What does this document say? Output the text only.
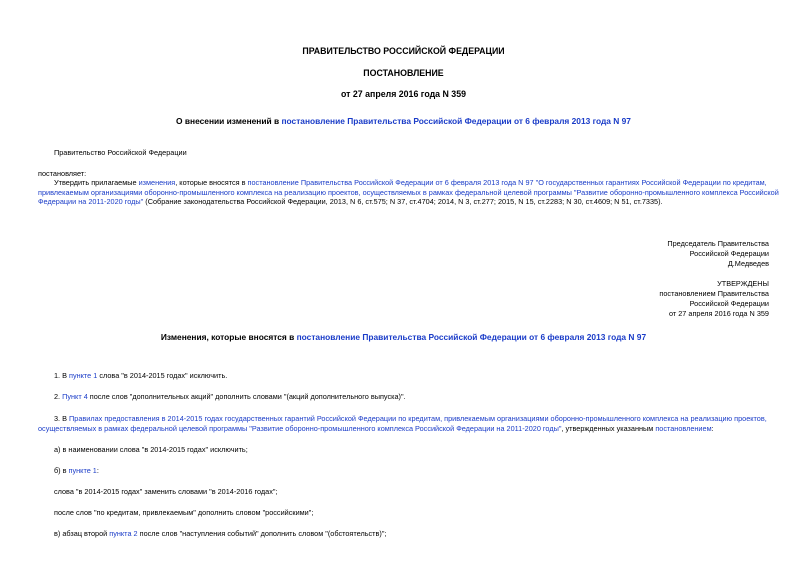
ПРАВИТЕЛЬСТВО РОССИЙСКОЙ ФЕДЕРАЦИИ
ПОСТАНОВЛЕНИЕ
от 27 апреля 2016 года N 359
О внесении изменений в постановление Правительства Российской Федерации от 6 февраля 2013 года N 97
Правительство Российской Федерации
постановляет:
Утвердить прилагаемые изменения, которые вносятся в постановление Правительства Российской Федерации от 6 февраля 2013 года N 97 "О государственных гарантиях Российской Федерации по кредитам,
привлекаемым организациями оборонно-промышленного комплекса на реализацию проектов, осуществляемых в рамках федеральной целевой программы "Развитие оборонно-промышленного комплекса Российской
Федерации на 2011-2020 годы" (Собрание законодательства Российской Федерации, 2013, N 6, ст.575; N 37, ст.4704; 2014, N 3, ст.277; 2015, N 15, ст.2283; N 30, ст.4609; N 51, ст.7335).
Председатель Правительства
Российской Федерации
Д.Медведев
УТВЕРЖДЕНЫ
постановлением Правительства
Российской Федерации
от 27 апреля 2016 года N 359
Изменения, которые вносятся в постановление Правительства Российской Федерации от 6 февраля 2013 года N 97
1. В пункте 1 слова "в 2014-2015 годах" исключить.
2. Пункт 4 после слов "дополнительных акций" дополнить словами "(акций дополнительного выпуска)".
3. В Правилах предоставления в 2014-2015 годах государственных гарантий Российской Федерации по кредитам, привлекаемым организациями оборонно-промышленного комплекса на реализацию проектов,
осуществляемых в рамках федеральной целевой программы "Развитие оборонно-промышленного комплекса Российской Федерации на 2011-2020 годы", утвержденных указанным постановлением:
а) в наименовании слова "в 2014-2015 годах" исключить;
б) в пункте 1:
слова "в 2014-2015 годах" заменить словами "в 2014-2016 годах";
после слов "по кредитам, привлекаемым" дополнить словом "российскими";
в) абзац второй пункта 2 после слов "наступления событий" дополнить словом "(обстоятельств)";
